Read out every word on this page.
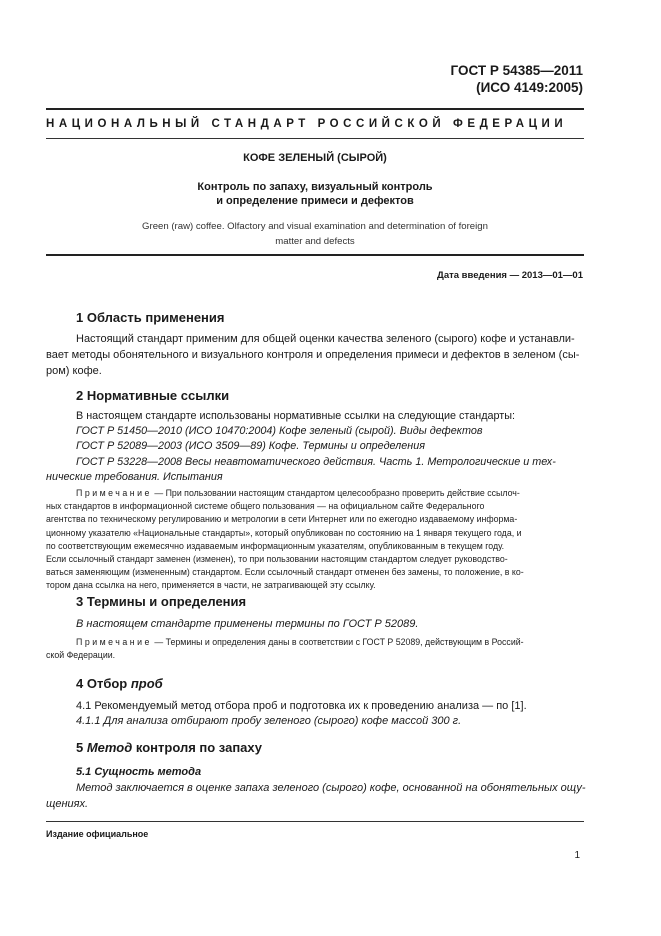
ГОСТ Р 54385—2011
(ИСО 4149:2005)
НАЦИОНАЛЬНЫЙ СТАНДАРТ РОССИЙСКОЙ ФЕДЕРАЦИИ
КОФЕ ЗЕЛЕНЫЙ (СЫРОЙ)
Контроль по запаху, визуальный контроль
и определение примеси и дефектов
Green (raw) coffee. Olfactory and visual examination and determination of foreign
matter and defects
Дата введения — 2013—01—01
1 Область применения
Настоящий стандарт применим для общей оценки качества зеленого (сырого) кофе и устанавли-
вает методы обонятельного и визуального контроля и определения примеси и дефектов в зеленом (сы-
ром) кофе.
2 Нормативные ссылки
В настоящем стандарте использованы нормативные ссылки на следующие стандарты:
ГОСТ Р 51450—2010 (ИСО 10470:2004) Кофе зеленый (сырой). Виды дефектов
ГОСТ Р 52089—2003 (ИСО 3509—89) Кофе. Термины и определения
ГОСТ Р 53228—2008 Весы неавтоматического действия. Часть 1. Метрологические и тех-
нические требования. Испытания
Примечание — При пользовании настоящим стандартом целесообразно проверить действие ссылоч-
ных стандартов в информационной системе общего пользования — на официальном сайте Федерального
агентства по техническому регулированию и метрологии в сети Интернет или по ежегодно издаваемому информа-
ционному указателю «Национальные стандарты», который опубликован по состоянию на 1 января текущего года, и
по соответствующим ежемесячно издаваемым информационным указателям, опубликованным в текущем году.
Если ссылочный стандарт заменен (изменен), то при пользовании настоящим стандартом следует руководство-
ваться заменяющим (измененным) стандартом. Если ссылочный стандарт отменен без замены, то положение, в ко-
тором дана ссылка на него, применяется в части, не затрагивающей эту ссылку.
3 Термины и определения
В настоящем стандарте применены термины по ГОСТ Р 52089.
Примечание — Термины и определения даны в соответствии с ГОСТ Р 52089, действующим в Россий-
ской Федерации.
4 Отбор проб
4.1 Рекомендуемый метод отбора проб и подготовка их к проведению анализа — по [1].
4.1.1 Для анализа отбирают пробу зеленого (сырого) кофе массой 300 г.
5 Метод контроля по запаху
5.1 Сущность метода
Метод заключается в оценке запаха зеленого (сырого) кофе, основанной на обонятельных ощу-
щениях.
Издание официальное
1
